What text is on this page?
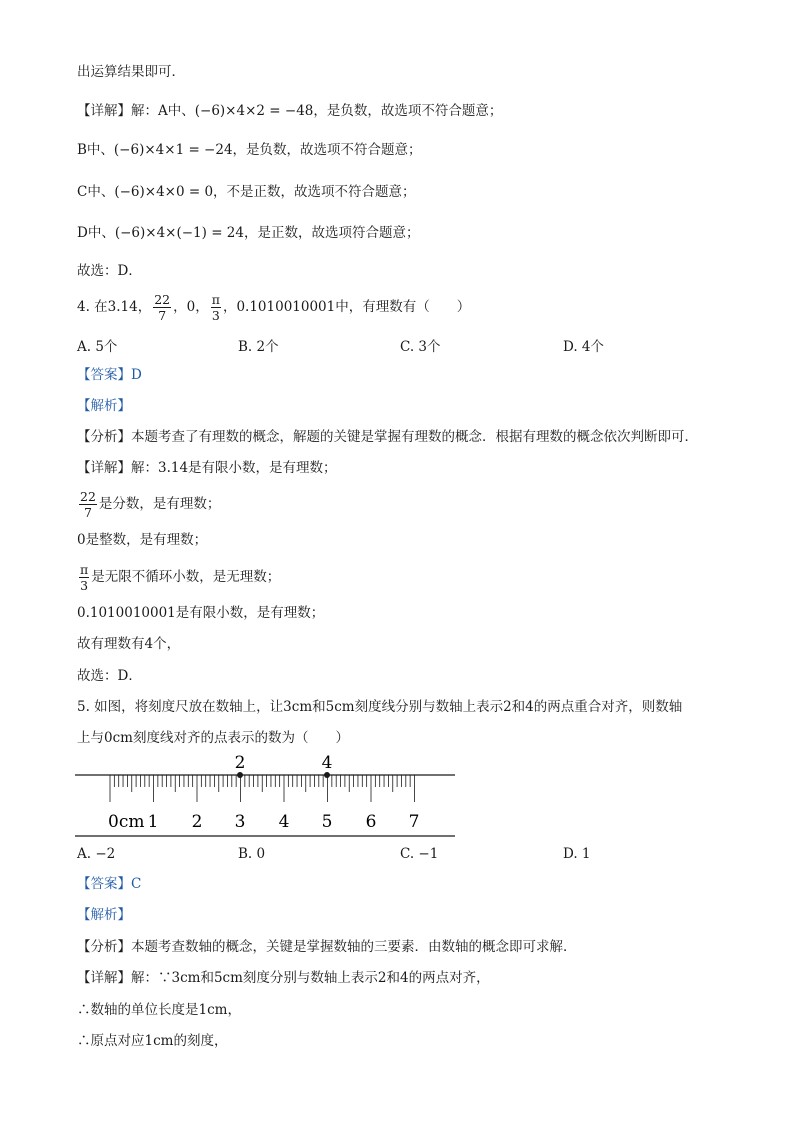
出运算结果即可．
【详解】解：A中、(−6)×4×2 = −48，是负数，故选项不符合题意；
B中、(−6)×4×1 = −24，是负数，故选项不符合题意；
C中、(−6)×4×0 = 0，不是正数，故选项不符合题意；
D中、(−6)×4×(−1) = 24，是正数，故选项符合题意；
故选：D．
4. 在3.14， $\frac{22}{7}$ ，0， $\frac{\pi}{3}$ ，0.1010010001中，有理数有（　　）
A. 5个	B. 2个	C. 3个	D. 4个
【答案】D
【解析】
【分析】本题考查了有理数的概念，解题的关键是掌握有理数的概念．根据有理数的概念依次判断即可．
【详解】解：3.14是有限小数，是有理数；
$\frac{22}{7}$ 是分数，是有理数；
0是整数，是有理数；
$\frac{\pi}{3}$ 是无限不循环小数，是无理数；
0.1010010001是有限小数，是有理数；
故有理数有4个，
故选：D．
5. 如图，将刻度尺放在数轴上，让3cm和5cm刻度线分别与数轴上表示2和4的两点重合对齐，则数轴
上与0cm刻度线对齐的点表示的数为（　　）
2	4
0cm 1 2 3 4 5 6 7
A. −2	B. 0	C. −1	D. 1
【答案】C
【解析】
【分析】本题考查数轴的概念，关键是掌握数轴的三要素．由数轴的概念即可求解．
【详解】解：∵3cm和5cm刻度分别与数轴上表示2和4的两点对齐，
∴数轴的单位长度是1cm，
∴原点对应1cm的刻度，
